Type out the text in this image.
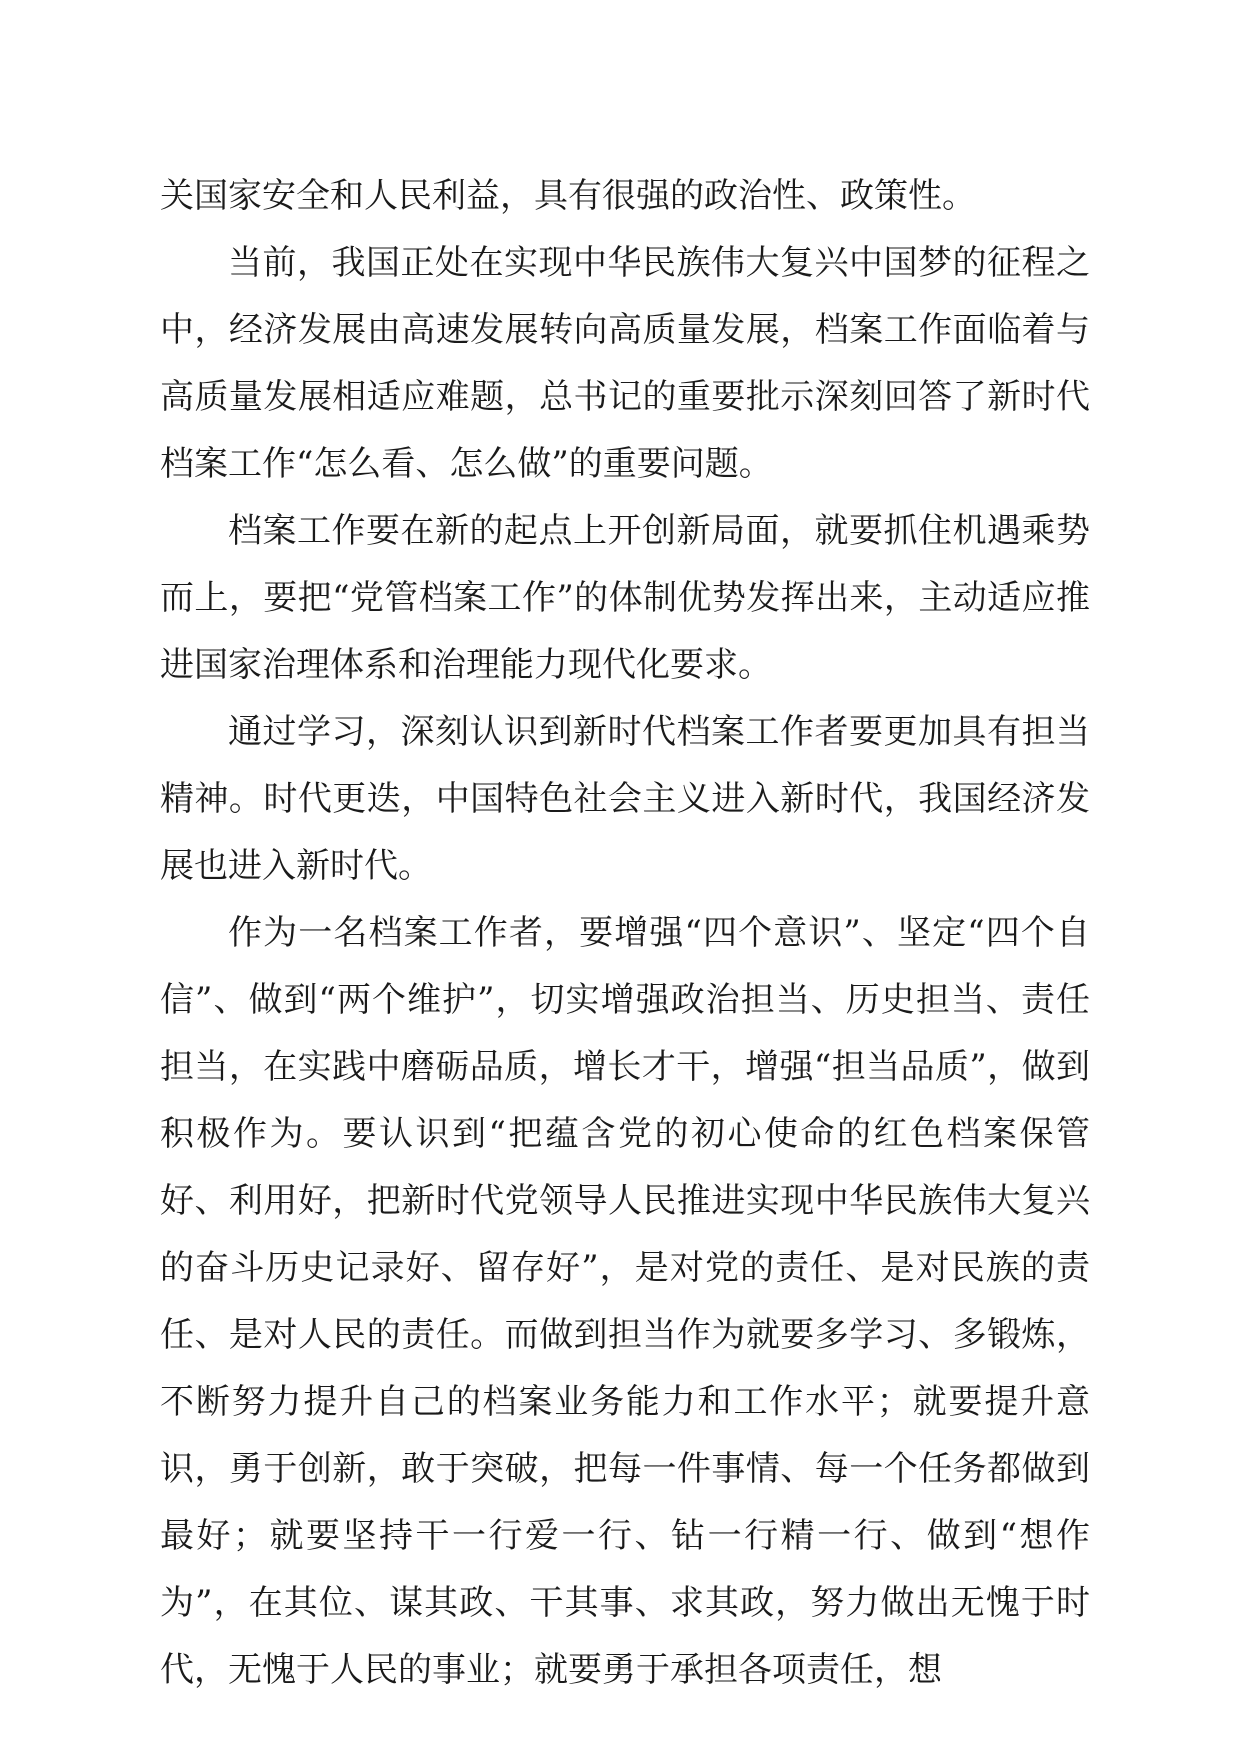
关国家安全和人民利益，具有很强的政治性、政策性。

当前，我国正处在实现中华民族伟大复兴中国梦的征程之中，经济发展由高速发展转向高质量发展，档案工作面临着与高质量发展相适应难题，总书记的重要批示深刻回答了新时代档案工作“怎么看、怎么做”的重要问题。

档案工作要在新的起点上开创新局面，就要抓住机遇乘势而上，要把“党管档案工作”的体制优势发挥出来，主动适应推进国家治理体系和治理能力现代化要求。

通过学习，深刻认识到新时代档案工作者要更加具有担当精神。时代更迭，中国特色社会主义进入新时代，我国经济发展也进入新时代。

作为一名档案工作者，要增强“四个意识”、坚定“四个自信”、做到“两个维护”，切实增强政治担当、历史担当、责任担当，在实践中磨砺品质，增长才干，增强“担当品质”，做到积极作为。要认识到“把蕴含党的初心使命的红色档案保管好、利用好，把新时代党领导人民推进实现中华民族伟大复兴的奋斗历史记录好、留存好”，是对党的责任、是对民族的责任、是对人民的责任。而做到担当作为就要多学习、多锻炼，不断努力提升自己的档案业务能力和工作水平；就要提升意识，勇于创新，敢于突破，把每一件事情、每一个任务都做到最好；就要坚持干一行爱一行、钻一行精一行、做到“想作为”，在其位、谋其政、干其事、求其政，努力做出无愧于时代，无愧于人民的事业；就要勇于承担各项责任，想
